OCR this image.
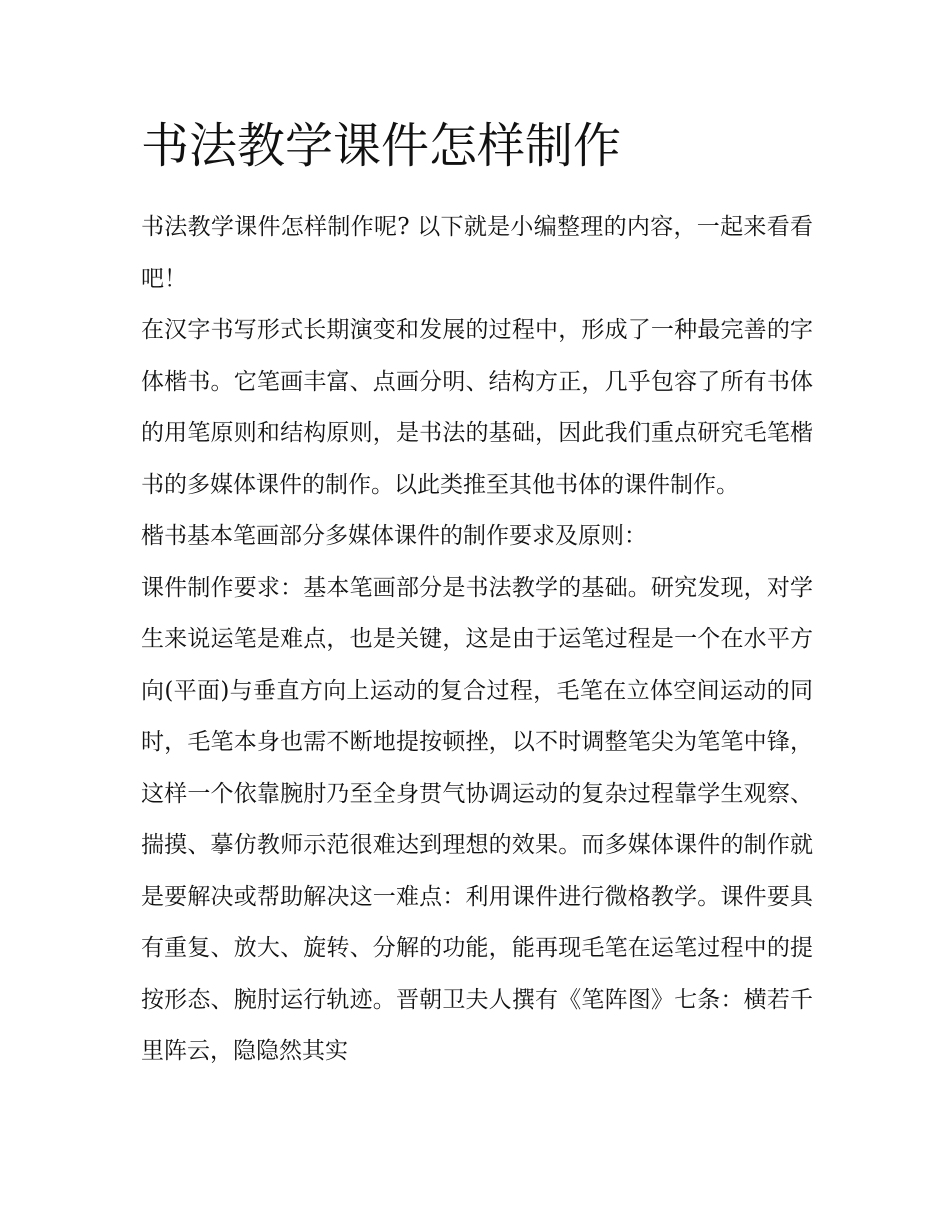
书法教学课件怎样制作

书法教学课件怎样制作呢? 以下就是小编整理的内容，一起来看看吧！

在汉字书写形式长期演变和发展的过程中，形成了一种最完善的字体楷书。它笔画丰富、点画分明、结构方正，几乎包容了所有书体的用笔原则和结构原则，是书法的基础，因此我们重点研究毛笔楷书的多媒体课件的制作。以此类推至其他书体的课件制作。

楷书基本笔画部分多媒体课件的制作要求及原则：

课件制作要求：基本笔画部分是书法教学的基础。研究发现，对学生来说运笔是难点，也是关键，这是由于运笔过程是一个在水平方向(平面)与垂直方向上运动的复合过程，毛笔在立体空间运动的同时，毛笔本身也需不断地提按顿挫，以不时调整笔尖为笔笔中锋，这样一个依靠腕肘乃至全身贯气协调运动的复杂过程靠学生观察、揣摸、摹仿教师示范很难达到理想的效果。而多媒体课件的制作就是要解决或帮助解决这一难点：利用课件进行微格教学。课件要具有重复、放大、旋转、分解的功能，能再现毛笔在运笔过程中的提按形态、腕肘运行轨迹。晋朝卫夫人撰有《笔阵图》七条：横若千里阵云，隐隐然其实
